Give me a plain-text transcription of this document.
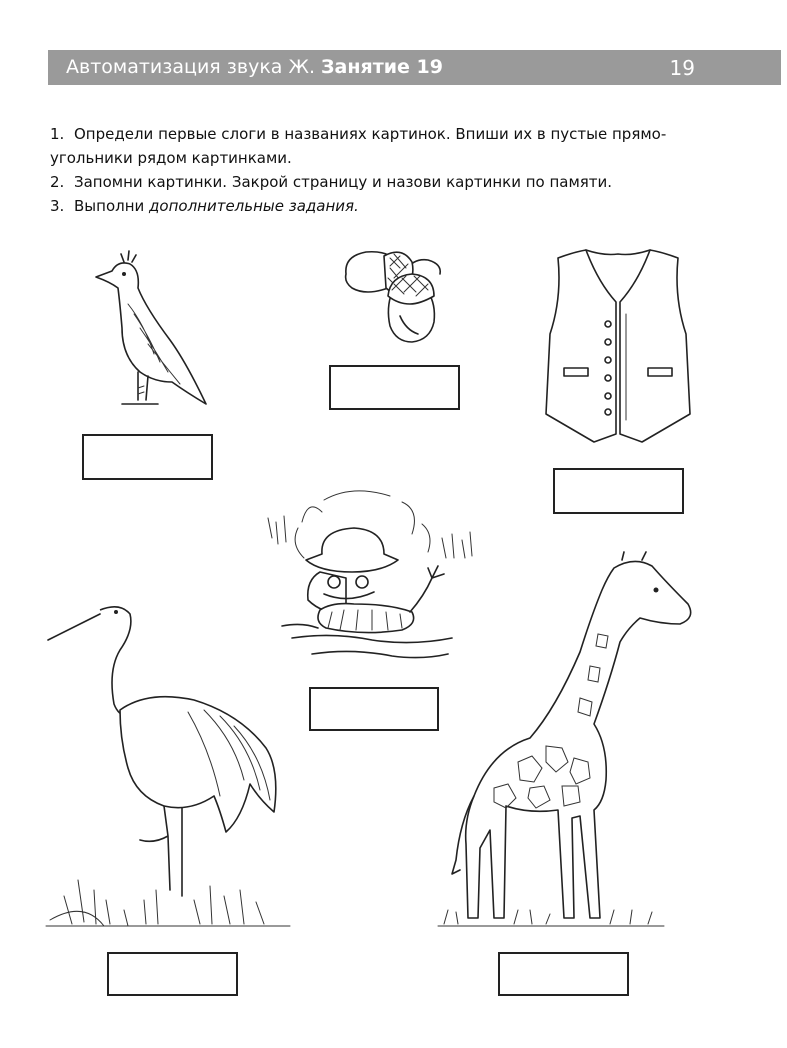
Автоматизация звука Ж. Занятие 19	19
1. Определи первые слоги в названиях картинок. Впиши их в пустые прямо-
угольники рядом картинками.
2. Запомни картинки. Закрой страницу и назови картинки по памяти.
3. Выполни дополнительные задания.
